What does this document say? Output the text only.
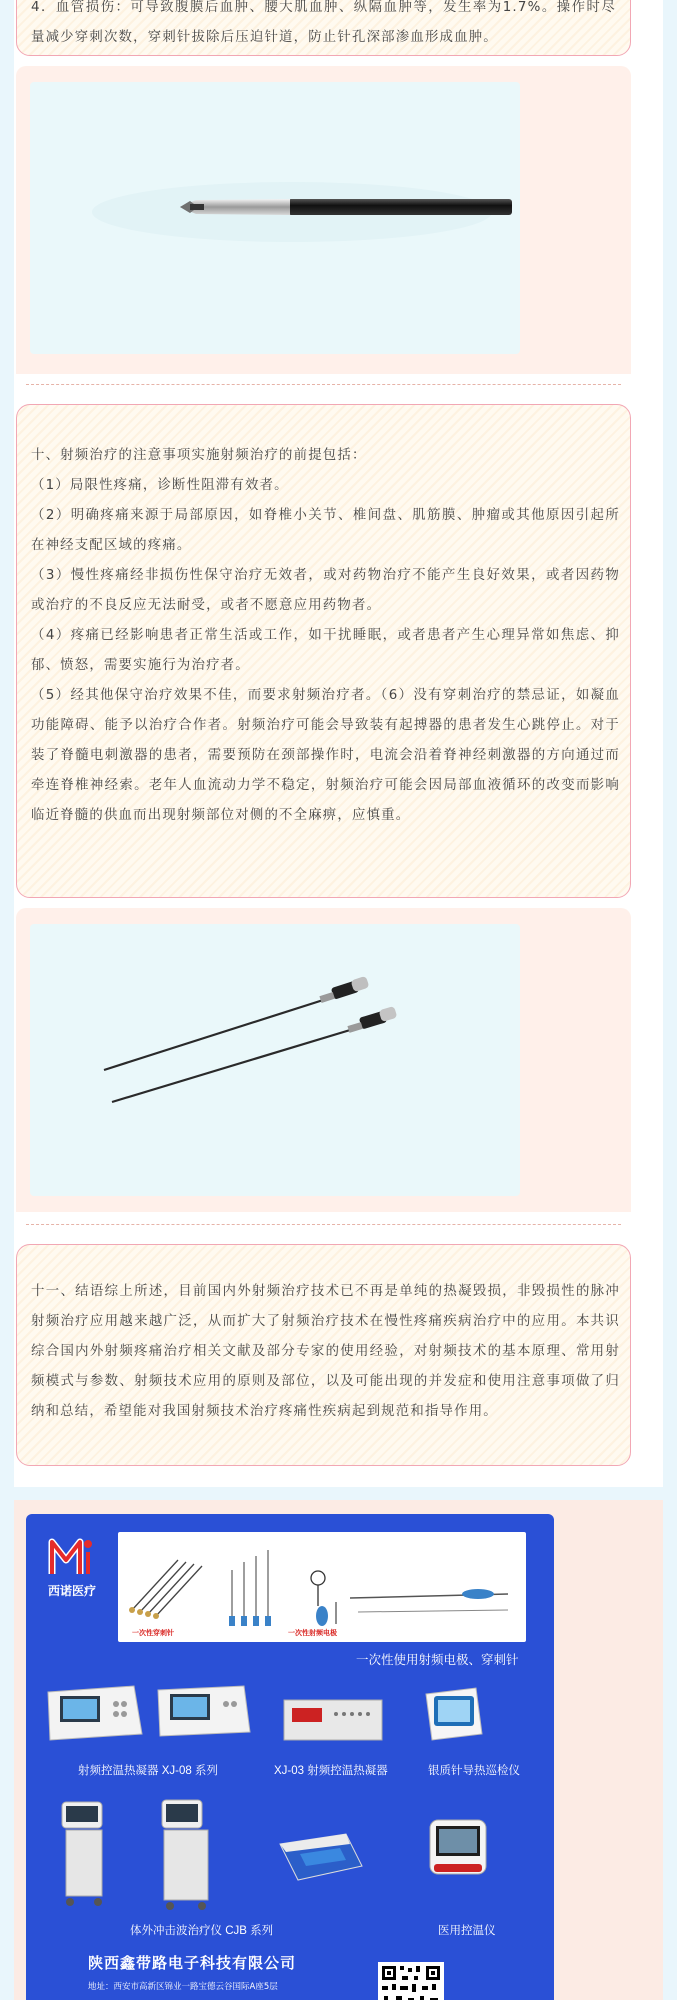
4．血管损伤：可导致腹膜后血肿、腰大肌血肿、纵隔血肿等，发生率为1.7%。操作时尽量减少穿刺次数，穿刺针拔除后压迫针道，防止针孔深部渗血形成血肿。

十、射频治疗的注意事项实施射频治疗的前提包括：

（1）局限性疼痛，诊断性阻滞有效者。

（2）明确疼痛来源于局部原因，如脊椎小关节、椎间盘、肌筋膜、肿瘤或其他原因引起所在神经支配区域的疼痛。

（3）慢性疼痛经非损伤性保守治疗无效者，或对药物治疗不能产生良好效果，或者因药物或治疗的不良反应无法耐受，或者不愿意应用药物者。

（4）疼痛已经影响患者正常生活或工作，如干扰睡眠，或者患者产生心理异常如焦虑、抑郁、愤怒，需要实施行为治疗者。

（5）经其他保守治疗效果不佳，而要求射频治疗者。（6）没有穿刺治疗的禁忌证，如凝血功能障碍、能予以治疗合作者。射频治疗可能会导致装有起搏器的患者发生心跳停止。对于装了脊髓电刺激器的患者，需要预防在颈部操作时，电流会沿着脊神经刺激器的方向通过而牵连脊椎神经索。老年人血流动力学不稳定，射频治疗可能会因局部血液循环的改变而影响临近脊髓的供血而出现射频部位对侧的不全麻痹，应慎重。

十一、结语综上所述，目前国内外射频治疗技术已不再是单纯的热凝毁损，非毁损性的脉冲射频治疗应用越来越广泛，从而扩大了射频治疗技术在慢性疼痛疾病治疗中的应用。本共识综合国内外射频疼痛治疗相关文献及部分专家的使用经验，对射频技术的基本原理、常用射频模式与参数、射频技术应用的原则及部位，以及可能出现的并发症和使用注意事项做了归纳和总结，希望能对我国射频技术治疗疼痛性疾病起到规范和指导作用。
西诺医疗
一次性穿刺针	一次性射频电极
一次性使用射频电极、穿刺针
射频控温热凝器 XJ-08 系列	XJ-03 射频控温热凝器	银质针导热巡检仪
体外冲击波治疗仪 CJB 系列	医用控温仪
陕西鑫带路电子科技有限公司
地址：西安市高新区锦业一路宝德云谷国际A座5层
